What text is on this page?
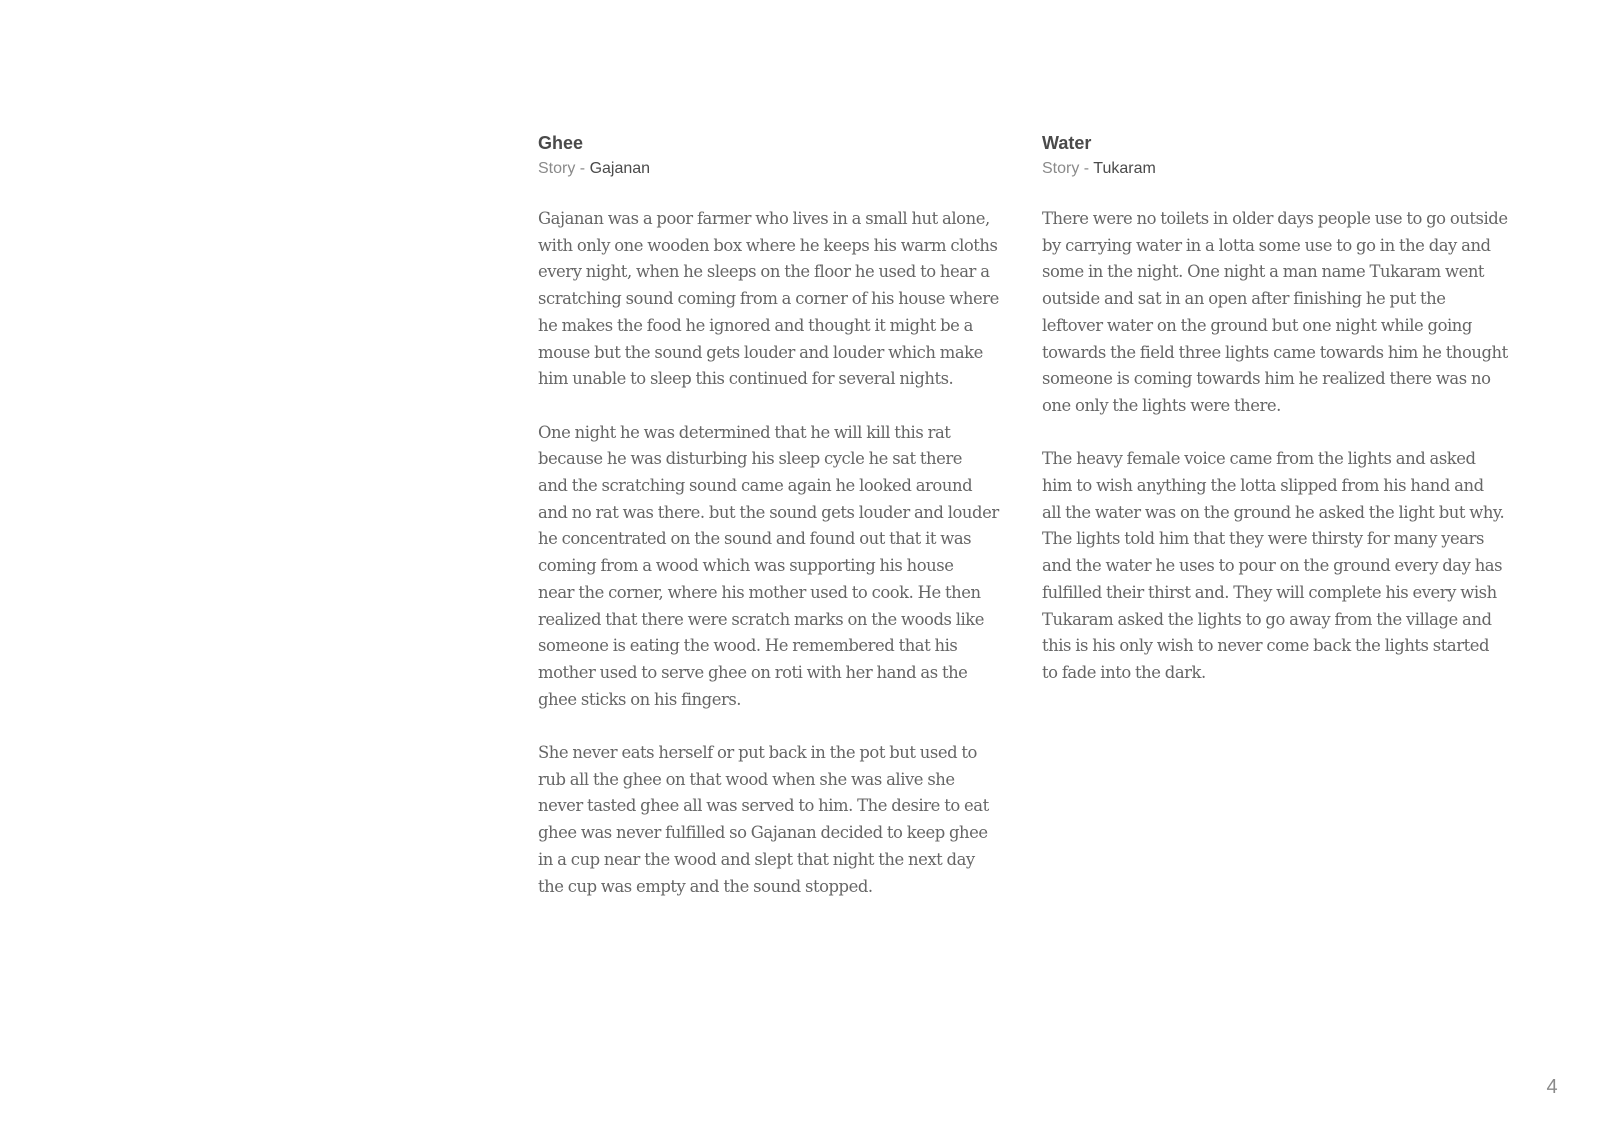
Ghee

Story - Gajanan

Gajanan was a poor farmer who lives in a small hut alone,
with only one wooden box where he keeps his warm cloths
every night, when he sleeps on the floor he used to hear a
scratching sound coming from a corner of his house where
he makes the food he ignored and thought it might be a
mouse but the sound gets louder and louder which make
him unable to sleep this continued for several nights.

One night he was determined that he will kill this rat
because he was disturbing his sleep cycle he sat there
and the scratching sound came again he looked around
and no rat was there. but the sound gets louder and louder
he concentrated on the sound and found out that it was
coming from a wood which was supporting his house
near the corner, where his mother used to cook. He then
realized that there were scratch marks on the woods like
someone is eating the wood. He remembered that his
mother used to serve ghee on roti with her hand as the
ghee sticks on his fingers.

She never eats herself or put back in the pot but used to
rub all the ghee on that wood when she was alive she
never tasted ghee all was served to him. The desire to eat
ghee was never fulfilled so Gajanan decided to keep ghee
in a cup near the wood and slept that night the next day
the cup was empty and the sound stopped.

Water

Story - Tukaram

There were no toilets in older days people use to go outside
by carrying water in a lotta some use to go in the day and
some in the night. One night a man name Tukaram went
outside and sat in an open after finishing he put the
leftover water on the ground but one night while going
towards the field three lights came towards him he thought
someone is coming towards him he realized there was no
one only the lights were there.

The heavy female voice came from the lights and asked
him to wish anything the lotta slipped from his hand and
all the water was on the ground he asked the light but why.
The lights told him that they were thirsty for many years
and the water he uses to pour on the ground every day has
fulfilled their thirst and. They will complete his every wish
Tukaram asked the lights to go away from the village and
this is his only wish to never come back the lights started
to fade into the dark.

4
